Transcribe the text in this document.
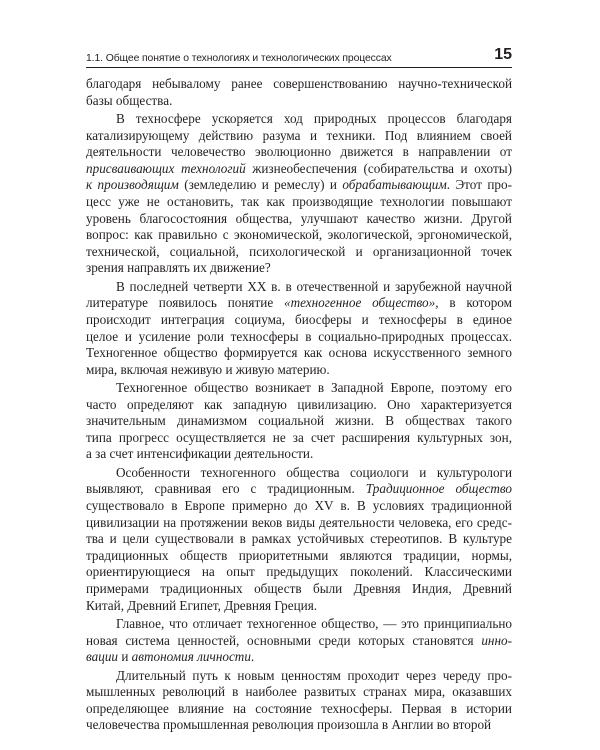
1.1. Общее понятие о технологиях и технологических процессах	15
благодаря небывалому ранее совершенствованию научно-технической
базы общества.
В техносфере ускоряется ход природных процессов благодаря
катализирующему действию разума и техники. Под влиянием своей
деятельности человечество эволюционно движется в направлении от
присваивающих технологий жизнеобеспечения (собирательства и охоты)
к производящим (земледелию и ремеслу) и обрабатывающим. Этот про-
цесс уже не остановить, так как производящие технологии повышают
уровень благосостояния общества, улучшают качество жизни. Другой
вопрос: как правильно с экономической, экологической, эргономической,
технической, социальной, психологической и организационной точек
зрения направлять их движение?
В последней четверти XX в. в отечественной и зарубежной научной
литературе появилось понятие «техногенное общество», в котором
происходит интеграция социума, биосферы и техносферы в единое
целое и усиление роли техносферы в социально-природных процессах.
Техногенное общество формируется как основа искусственного земного
мира, включая неживую и живую материю.
Техногенное общество возникает в Западной Европе, поэтому его
часто определяют как западную цивилизацию. Оно характеризуется
значительным динамизмом социальной жизни. В обществах такого
типа прогресс осуществляется не за счет расширения культурных зон,
а за счет интенсификации деятельности.
Особенности техногенного общества социологи и культурологи
выявляют, сравнивая его с традиционным. Традиционное общество
существовало в Европе примерно до XV в. В условиях традиционной
цивилизации на протяжении веков виды деятельности человека, его средс-
тва и цели существовали в рамках устойчивых стереотипов. В культуре
традиционных обществ приоритетными являются традиции, нормы,
ориентирующиеся на опыт предыдущих поколений. Классическими
примерами традиционных обществ были Древняя Индия, Древний
Китай, Древний Египет, Древняя Греция.
Главное, что отличает техногенное общество, — это принципиально
новая система ценностей, основными среди которых становятся инно-
вации и автономия личности.
Длительный путь к новым ценностям проходит через череду про-
мышленных революций в наиболее развитых странах мира, оказавших
определяющее влияние на состояние техносферы. Первая в истории
человечества промышленная революция произошла в Англии во второй
